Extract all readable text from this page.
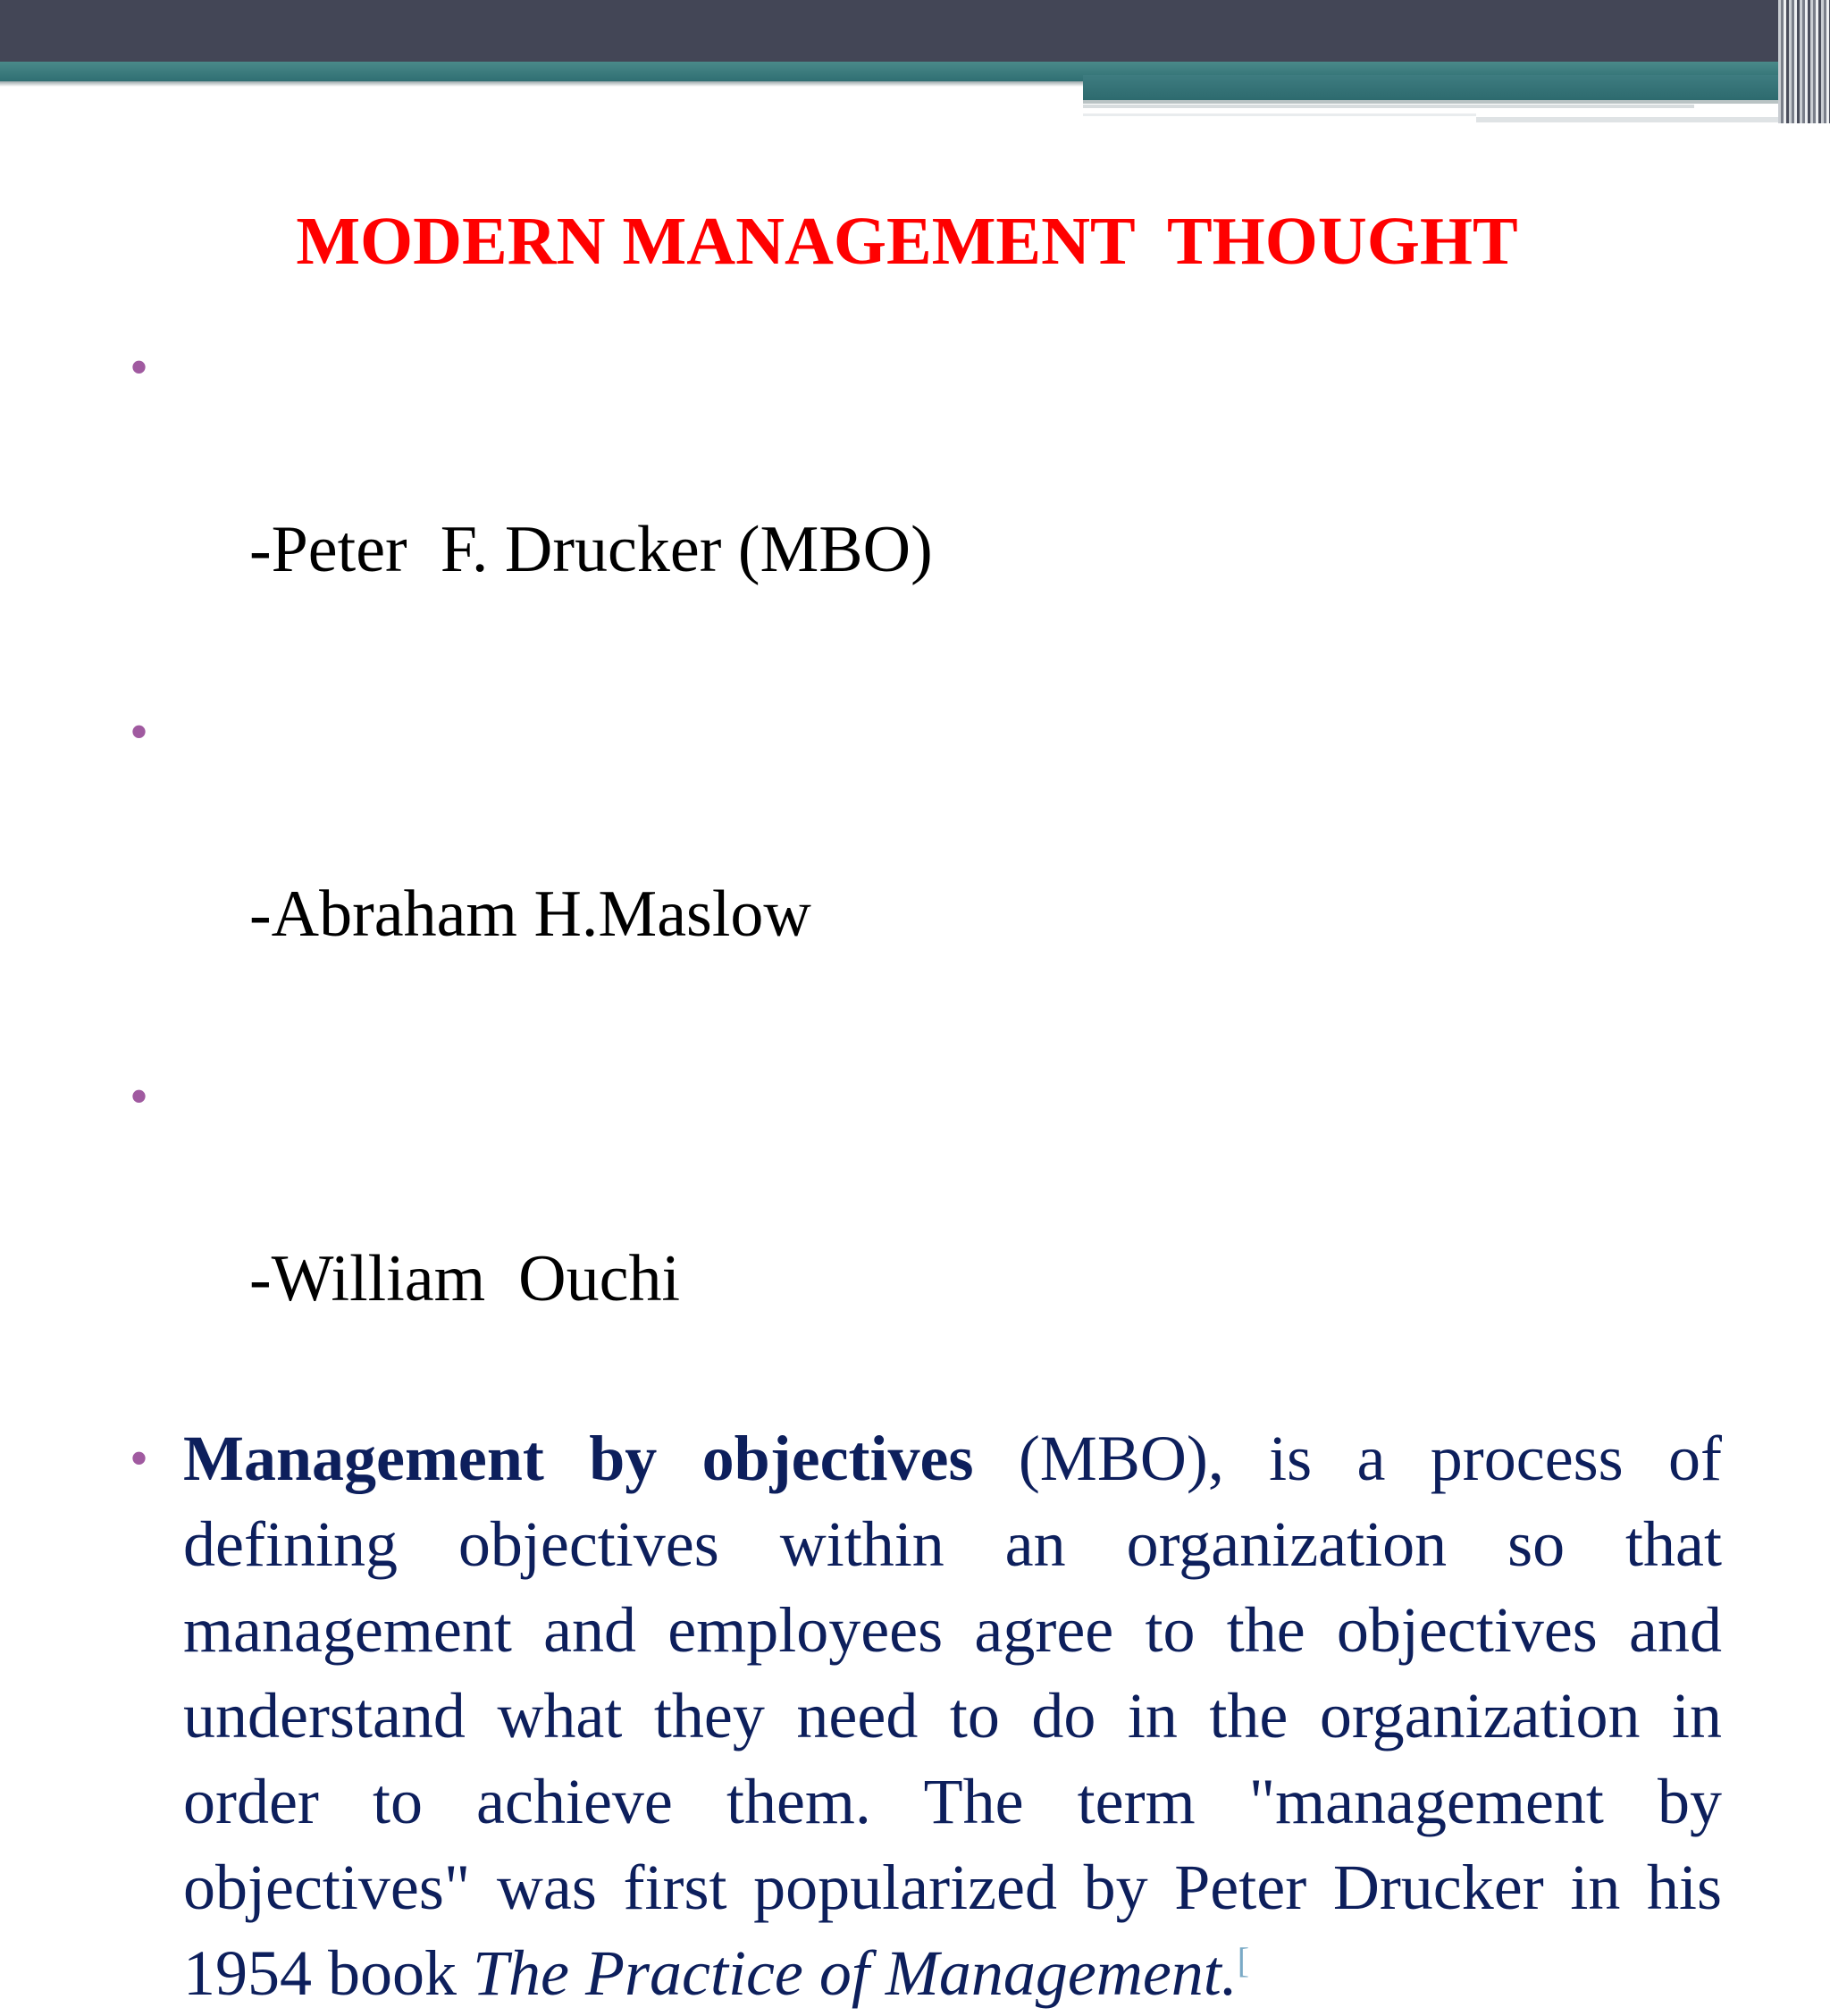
MODERN MANAGEMENT  THOUGHT

•

-Peter  F. Drucker (MBO)

•

-Abraham H.Maslow

•

-William  Ouchi

• Management by objectives (MBO), is a process of defining objectives within an organization so that management and employees agree to the objectives and understand what they need to do in the organization in order to achieve them. The term "management by objectives" was first popularized by Peter Drucker in his 1954 book The Practice of Management.[
